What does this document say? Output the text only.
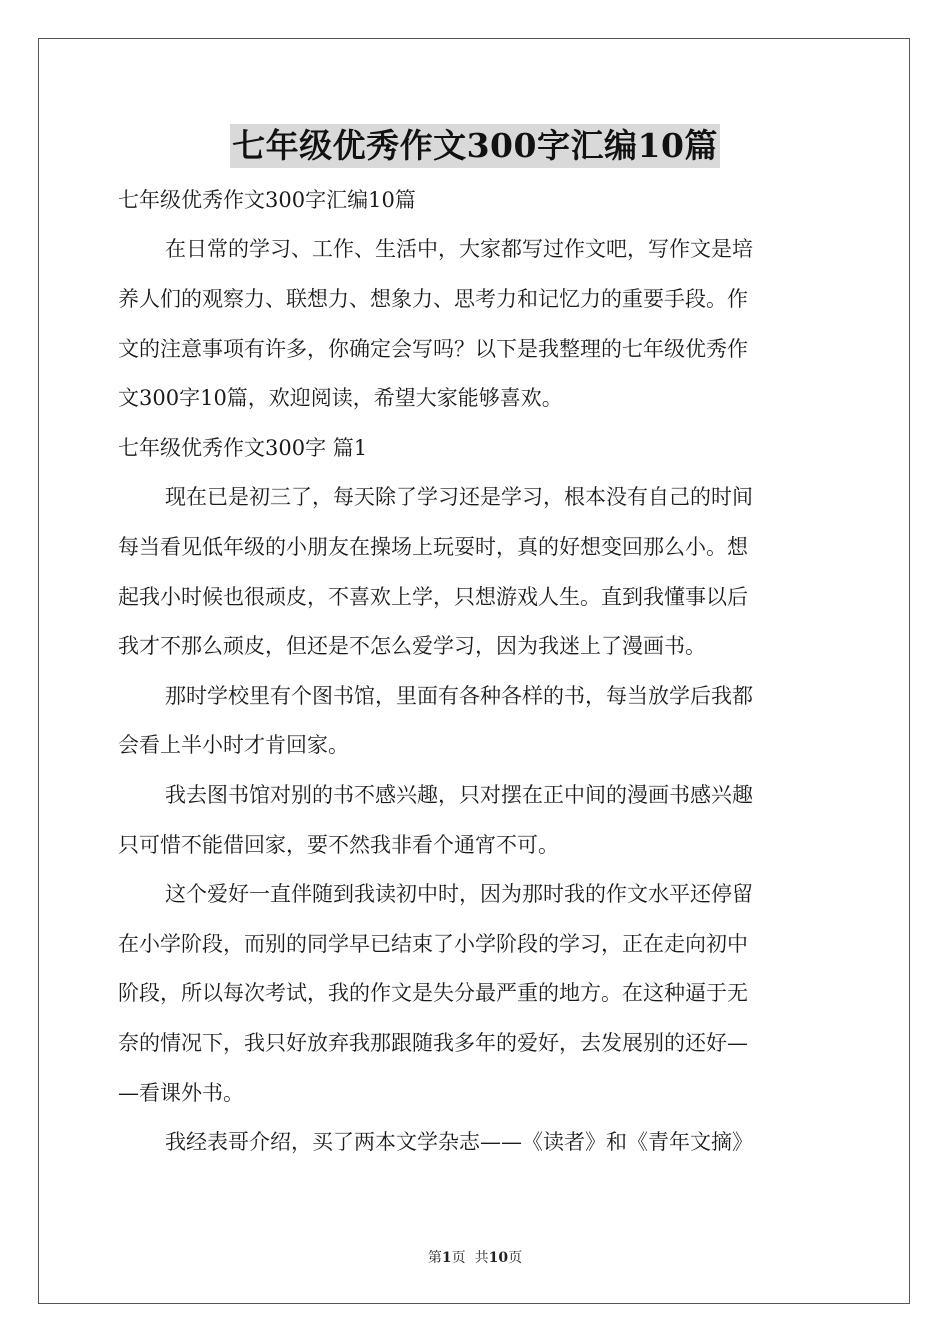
七年级优秀作文300字汇编10篇
七年级优秀作文300字汇编10篇
在日常的学习、工作、生活中，大家都写过作文吧，写作文是培
养人们的观察力、联想力、想象力、思考力和记忆力的重要手段。作
文的注意事项有许多，你确定会写吗？以下是我整理的七年级优秀作
文300字10篇，欢迎阅读，希望大家能够喜欢。
七年级优秀作文300字 篇1
现在已是初三了，每天除了学习还是学习，根本没有自己的时间
每当看见低年级的小朋友在操场上玩耍时，真的好想变回那么小。想
起我小时候也很顽皮，不喜欢上学，只想游戏人生。直到我懂事以后
我才不那么顽皮，但还是不怎么爱学习，因为我迷上了漫画书。
那时学校里有个图书馆，里面有各种各样的书，每当放学后我都
会看上半小时才肯回家。
我去图书馆对别的书不感兴趣，只对摆在正中间的漫画书感兴趣
只可惜不能借回家，要不然我非看个通宵不可。
这个爱好一直伴随到我读初中时，因为那时我的作文水平还停留
在小学阶段，而别的同学早已结束了小学阶段的学习，正在走向初中
阶段，所以每次考试，我的作文是失分最严重的地方。在这种逼于无
奈的情况下，我只好放弃我那跟随我多年的爱好，去发展别的还好—
—看课外书。
我经表哥介绍，买了两本文学杂志——《读者》和《青年文摘》
第1页  共10页
